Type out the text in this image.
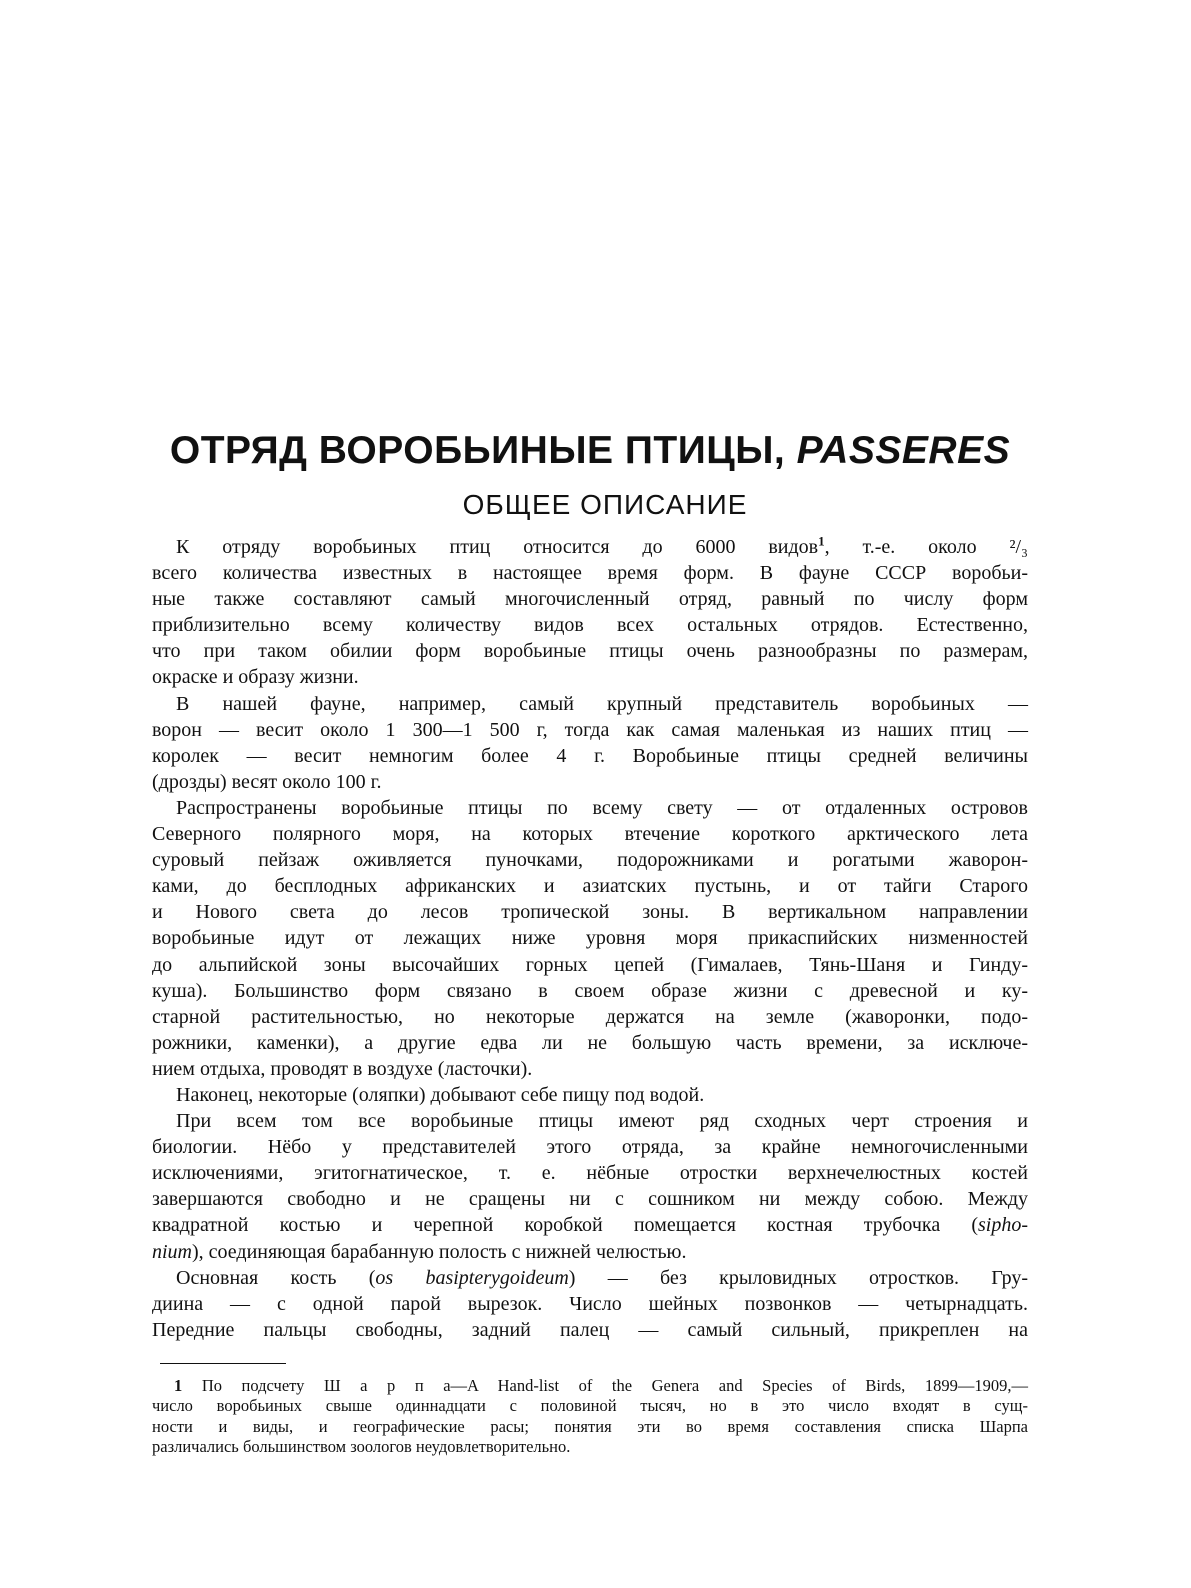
ОТРЯД ВОРОБЬИНЫЕ ПТИЦЫ, PASSERES
ОБЩЕЕ ОПИСАНИЕ
К отряду воробьиных птиц относится до 6000 видов$^1$, т.-е. около ²/₃
всего количества известных в настоящее время форм. В фауне СССР воробьи-
ные также составляют самый многочисленный отряд, равный по числу форм
приблизительно всему количеству видов всех остальных отрядов. Естественно,
что при таком обилии форм воробьиные птицы очень разнообразны по размерам,
окраске и образу жизни.
В нашей фауне, например, самый крупный представитель воробьиных —
ворон — весит около 1 300—1 500 г, тогда как самая маленькая из наших птиц —
королек — весит немногим более 4 г. Воробьиные птицы средней величины
(дрозды) весят около 100 г.
Распространены воробьиные птицы по всему свету — от отдаленных островов
Северного полярного моря, на которых втечение короткого арктического лета
суровый пейзаж оживляется пуночками, подорожниками и рогатыми жаворон-
ками, до бесплодных африканских и азиатских пустынь, и от тайги Старого
и Нового света до лесов тропической зоны. В вертикальном направлении
воробьиные идут от лежащих ниже уровня моря прикаспийских низменностей
до альпийской зоны высочайших горных цепей (Гималаев, Тянь-Шаня и Гинду-
куша). Большинство форм связано в своем образе жизни с древесной и ку-
старной растительностью, но некоторые держатся на земле (жаворонки, подо-
рожники, каменки), а другие едва ли не большую часть времени, за исключе-
нием отдыха, проводят в воздухе (ласточки).
Наконец, некоторые (оляпки) добывают себе пищу под водой.
При всем том все воробьиные птицы имеют ряд сходных черт строения и
биологии. Нёбо у представителей этого отряда, за крайне немногочисленными
исключениями, эгитогнатическое, т. е. нёбные отростки верхнечелюстных костей
завершаются свободно и не сращены ни с сошником ни между собою. Между
квадратной костью и черепной коробкой помещается костная трубочка (sipho-
nium), соединяющая барабанную полость с нижней челюстью.
Основная кость (os basipterygoideum) — без крыловидных отростков. Гру-
диина — с одной парой вырезок. Число шейных позвонков — четырнадцать.
Передние пальцы свободны, задний палец — самый сильный, прикреплен на
1 По подсчету Ш а р п а—A Hand-list of the Genera and Species of Birds, 1899—1909,—
число воробьиных свыше одиннадцати с половиной тысяч, но в это число входят в сущ-
ности и виды, и географические расы; понятия эти во время составления списка Шарпа
различались большинством зоологов неудовлетворительно.
